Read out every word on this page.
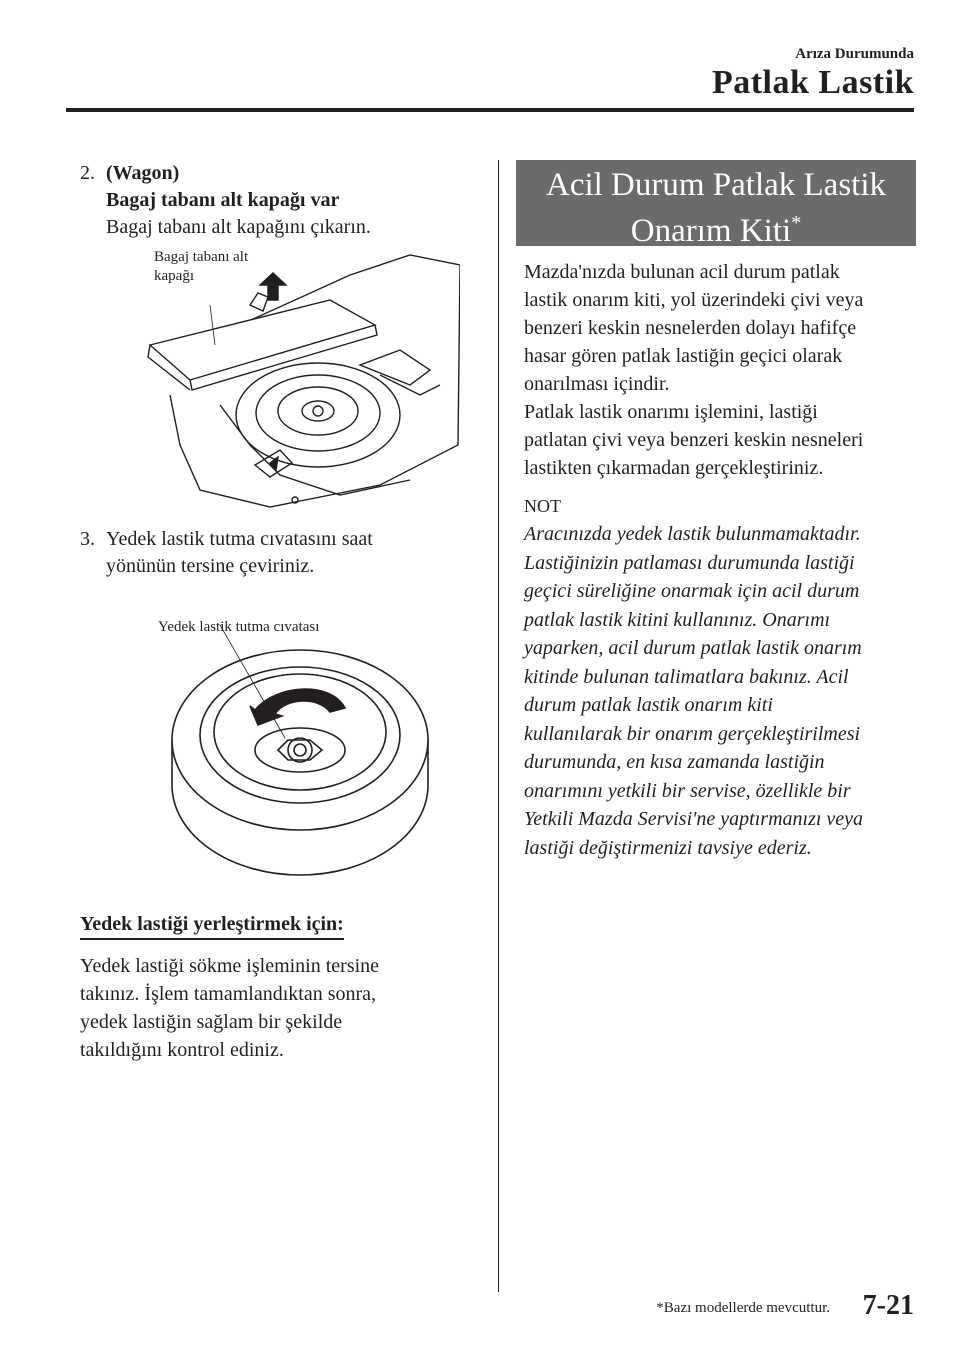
Arıza Durumunda
Patlak Lastik
2. (Wagon)

Bagaj tabanı alt kapağı var

Bagaj tabanı alt kapağını çıkarın.

Bagaj tabanı alt
kapağı
3. Yedek lastik tutma cıvatasını saat

yönünün tersine çeviriniz.

Yedek lastik tutma cıvatası
Yedek lastiği yerleştirmek için:

Yedek lastiği sökme işleminin tersine

takınız. İşlem tamamlandıktan sonra,

yedek lastiğin sağlam bir şekilde

takıldığını kontrol ediniz.

Acil Durum Patlak Lastik
Onarım Kiti*

Mazda'nızda bulunan acil durum patlak

lastik onarım kiti, yol üzerindeki çivi veya

benzeri keskin nesnelerden dolayı hafifçe

hasar gören patlak lastiğin geçici olarak

onarılması içindir.

Patlak lastik onarımı işlemini, lastiği

patlatan çivi veya benzeri keskin nesneleri

lastikten çıkarmadan gerçekleştiriniz.

NOT

Aracınızda yedek lastik bulunmamaktadır.

Lastiğinizin patlaması durumunda lastiği

geçici süreliğine onarmak için acil durum

patlak lastik kitini kullanınız. Onarımı

yaparken, acil durum patlak lastik onarım

kitinde bulunan talimatlara bakınız. Acil

durum patlak lastik onarım kiti

kullanılarak bir onarım gerçekleştirilmesi

durumunda, en kısa zamanda lastiğin

onarımını yetkili bir servise, özellikle bir

Yetkili Mazda Servisi'ne yaptırmanızı veya

lastiği değiştirmenizi tavsiye ederiz.

*Bazı modellerde mevcuttur. 7-21
